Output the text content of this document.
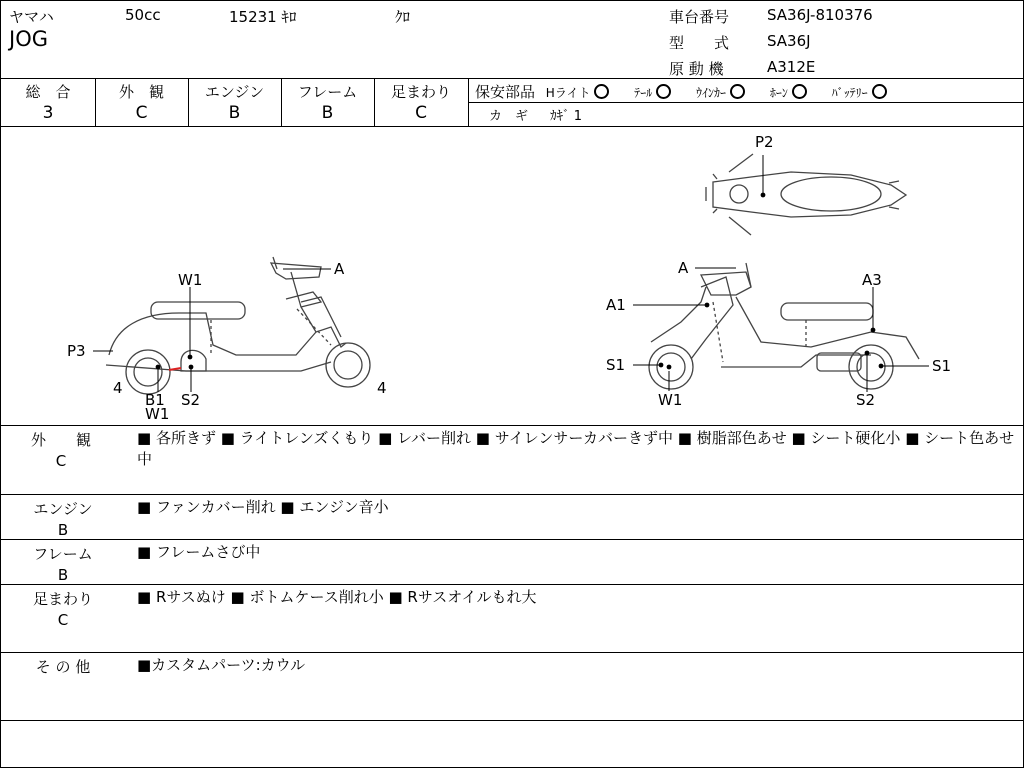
ヤマハ	50cc	15231 ｷﾛ	ｸﾛ
JOG
車台番号	SA36J-810376
型　　式	SA36J
原 動 機	A312E
総　合
3
外　観
C
エンジン
B
フレーム
B
足まわり
C
保安部品 Hライト	ﾃｰﾙ	ｳｲﾝｶｰ	ﾎｰﾝ	ﾊﾞｯﾃﾘｰ
カ　ギ ｶｷﾞ 1
A
W1
P3
4
B1
W1
S2
4
P2
A
A3
A1
S1	S1
W1	S2
外　　観
C
■ 各所きず ■ ライトレンズくもり ■ レバー削れ ■ サイレンサーカバーきず中 ■ 樹脂部色あせ ■ シート硬化小 ■ シート色あせ中
エンジン
B
■ ファンカバー削れ ■ エンジン音小
フレーム
B
■ フレームさび中
足まわり
C
■ Rサスぬけ ■ ボトムケース削れ小 ■ Rサスオイルもれ大
そ の 他	■カスタムパーツ:カウル
